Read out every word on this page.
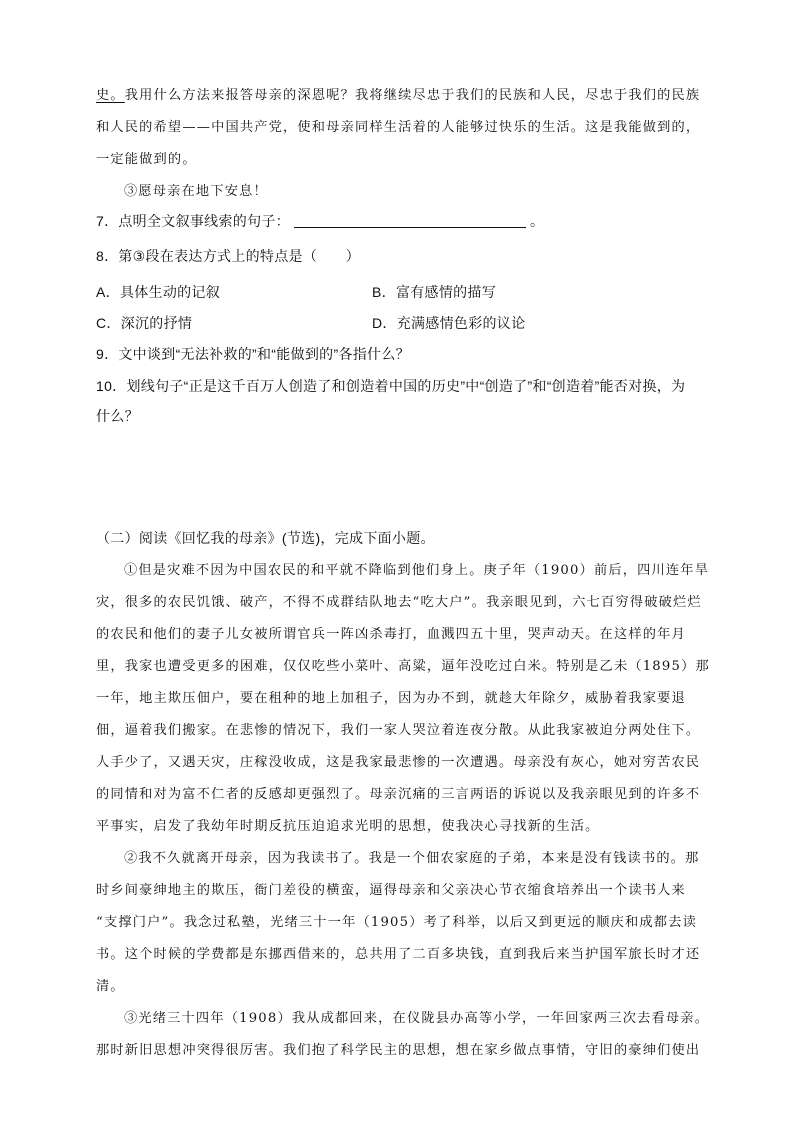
史。我用什么方法来报答母亲的深恩呢？我将继续尽忠于我们的民族和人民，尽忠于我们的民族
和人民的希望——中国共产党，使和母亲同样生活着的人能够过快乐的生活。这是我能做到的，
一定能做到的。
③愿母亲在地下安息！
7．点明全文叙事线索的句子：	。
8．第③段在表达方式上的特点是（　　）
A．具体生动的记叙	B．富有感情的描写
C．深沉的抒情	D．充满感情色彩的议论
9．文中谈到“无法补救的”和“能做到的”各指什么？
10．划线句子“正是这千百万人创造了和创造着中国的历史”中“创造了”和“创造着”能否对换，为
什么？
（二）阅读《回忆我的母亲》(节选)，完成下面小题。
①但是灾难不因为中国农民的和平就不降临到他们身上。庚子年（1900）前后，四川连年旱
灾，很多的农民饥饿、破产，不得不成群结队地去“吃大户”。我亲眼见到，六七百穷得破破烂烂
的农民和他们的妻子儿女被所谓官兵一阵凶杀毒打，血溅四五十里，哭声动天。在这样的年月
里，我家也遭受更多的困难，仅仅吃些小菜叶、高粱，逼年没吃过白米。特别是乙未（1895）那
一年，地主欺压佃户，要在租种的地上加租子，因为办不到，就趁大年除夕，威胁着我家要退
佃，逼着我们搬家。在悲惨的情况下，我们一家人哭泣着连夜分散。从此我家被迫分两处住下。
人手少了，又遇天灾，庄稼没收成，这是我家最悲惨的一次遭遇。母亲没有灰心，她对穷苦农民
的同情和对为富不仁者的反感却更强烈了。母亲沉痛的三言两语的诉说以及我亲眼见到的许多不
平事实，启发了我幼年时期反抗压迫追求光明的思想，使我决心寻找新的生活。
②我不久就离开母亲，因为我读书了。我是一个佃农家庭的子弟，本来是没有钱读书的。那
时乡间豪绅地主的欺压，衙门差役的横蛮，逼得母亲和父亲决心节衣缩食培养出一个读书人来
“支撑门户”。我念过私塾，光绪三十一年（1905）考了科举，以后又到更远的顺庆和成都去读
书。这个时候的学费都是东挪西借来的，总共用了二百多块钱，直到我后来当护国军旅长时才还
清。
③光绪三十四年（1908）我从成都回来，在仪陇县办高等小学，一年回家两三次去看母亲。
那时新旧思想冲突得很厉害。我们抱了科学民主的思想，想在家乡做点事情，守旧的豪绅们使出
